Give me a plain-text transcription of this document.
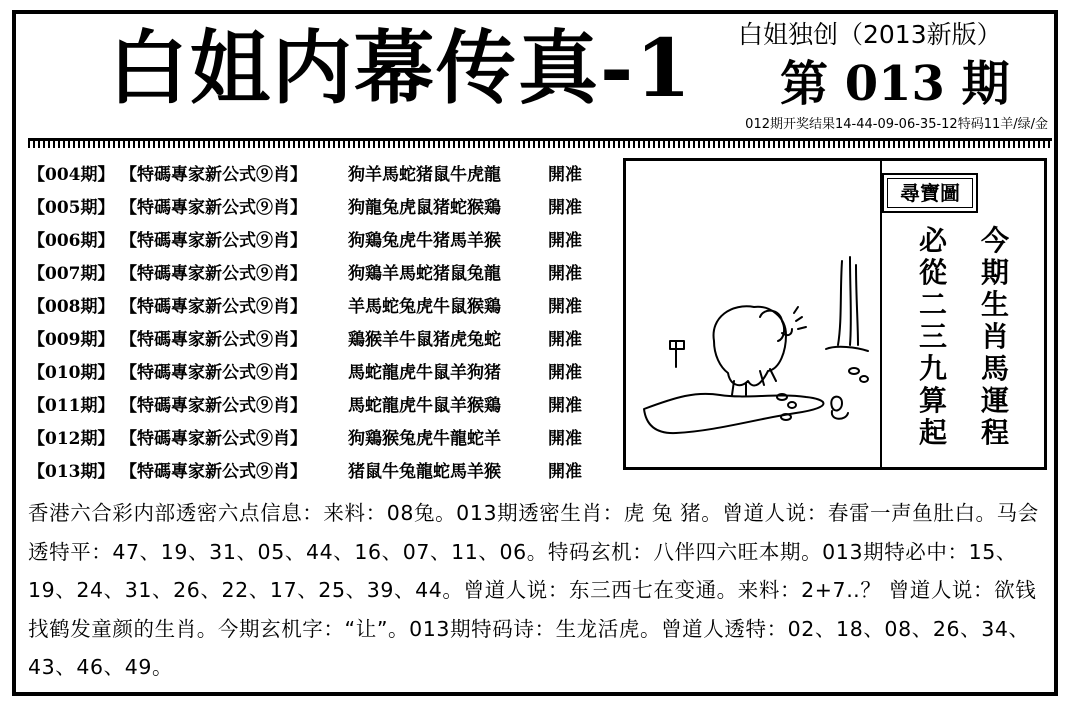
白姐内幕传真-1 白姐独创（2013新版）
第 013 期
012期开奖结果14-44-09-06-35-12特码11羊/绿/金
【004期】 【特碼專家新公式⑨肖】 狗羊馬蛇猪鼠牛虎龍	開准
【005期】 【特碼專家新公式⑨肖】 狗龍兔虎鼠猪蛇猴鶏	開准
【006期】 【特碼專家新公式⑨肖】 狗鶏兔虎牛猪馬羊猴	開准
【007期】 【特碼專家新公式⑨肖】 狗鶏羊馬蛇猪鼠兔龍	開准
【008期】 【特碼專家新公式⑨肖】 羊馬蛇兔虎牛鼠猴鶏	開准
【009期】 【特碼專家新公式⑨肖】 鶏猴羊牛鼠猪虎兔蛇	開准
【010期】 【特碼專家新公式⑨肖】 馬蛇龍虎牛鼠羊狗猪	開准
【011期】 【特碼專家新公式⑨肖】 馬蛇龍虎牛鼠羊猴鶏	開准
【012期】 【特碼專家新公式⑨肖】 狗鶏猴兔虎牛龍蛇羊	開准
【013期】 【特碼專家新公式⑨肖】 猪鼠牛兔龍蛇馬羊猴	開准
尋寶圖
今期生肖馬運程
必從二三九算起
香港六合彩内部透密六点信息：来料：08兔。013期透密生肖：虎 兔 猪。曾道人说：春雷一声鱼肚白。马会透特平：47、19、31、05、44、16、07、11、06。特码玄机：八伴四六旺本期。013期特必中：15、19、24、31、26、22、17、25、39、44。曾道人说：东三西七在变通。来料：2+7‥？ 曾道人说：欲钱找鹤发童颜的生肖。今期玄机字：“让”。013期特码诗：生龙活虎。曾道人透特：02、18、08、26、34、43、46、49。
